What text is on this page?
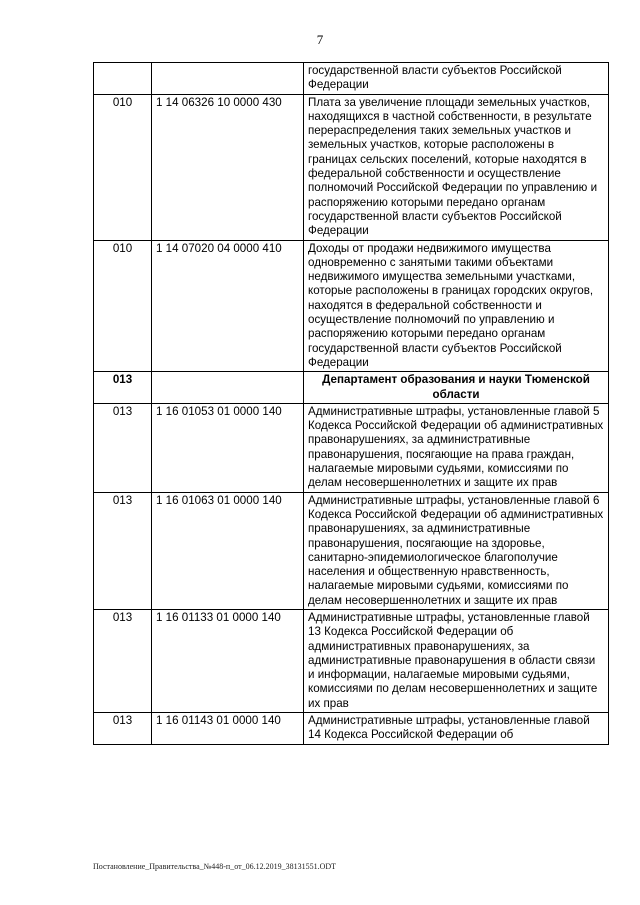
7
		государственной власти субъектов Российской Федерации
010	1 14 06326 10 0000 430	Плата за увеличение площади земельных участков, находящихся в частной собственности, в результате перераспределения таких земельных участков и земельных участков, которые расположены в границах сельских поселений, которые находятся в федеральной собственности и осуществление полномочий Российской Федерации по управлению и распоряжению которыми передано органам государственной власти субъектов Российской Федерации
010	1 14 07020 04 0000 410	Доходы от продажи недвижимого имущества одновременно с занятыми такими объектами недвижимого имущества земельными участками, которые расположены в границах городских округов, находятся в федеральной собственности и осуществление полномочий по управлению и распоряжению которыми передано органам государственной власти субъектов Российской Федерации
013		Департамент образования и науки Тюменской области
013	1 16 01053 01 0000 140	Административные штрафы, установленные главой 5 Кодекса Российской Федерации об административных правонарушениях, за административные правонарушения, посягающие на права граждан, налагаемые мировыми судьями, комиссиями по делам несовершеннолетних и защите их прав
013	1 16 01063 01 0000 140	Административные штрафы, установленные главой 6 Кодекса Российской Федерации об административных правонарушениях, за административные правонарушения, посягающие на здоровье, санитарно-эпидемиологическое благополучие населения и общественную нравственность, налагаемые мировыми судьями, комиссиями по делам несовершеннолетних и защите их прав
013	1 16 01133 01 0000 140	Административные штрафы, установленные главой 13 Кодекса Российской Федерации об административных правонарушениях, за административные правонарушения в области связи и информации, налагаемые мировыми судьями, комиссиями по делам несовершеннолетних и защите их прав
013	1 16 01143 01 0000 140	Административные штрафы, установленные главой 14 Кодекса Российской Федерации об
Постановление_Правительства_№448-п_от_06.12.2019_38131551.ODT
